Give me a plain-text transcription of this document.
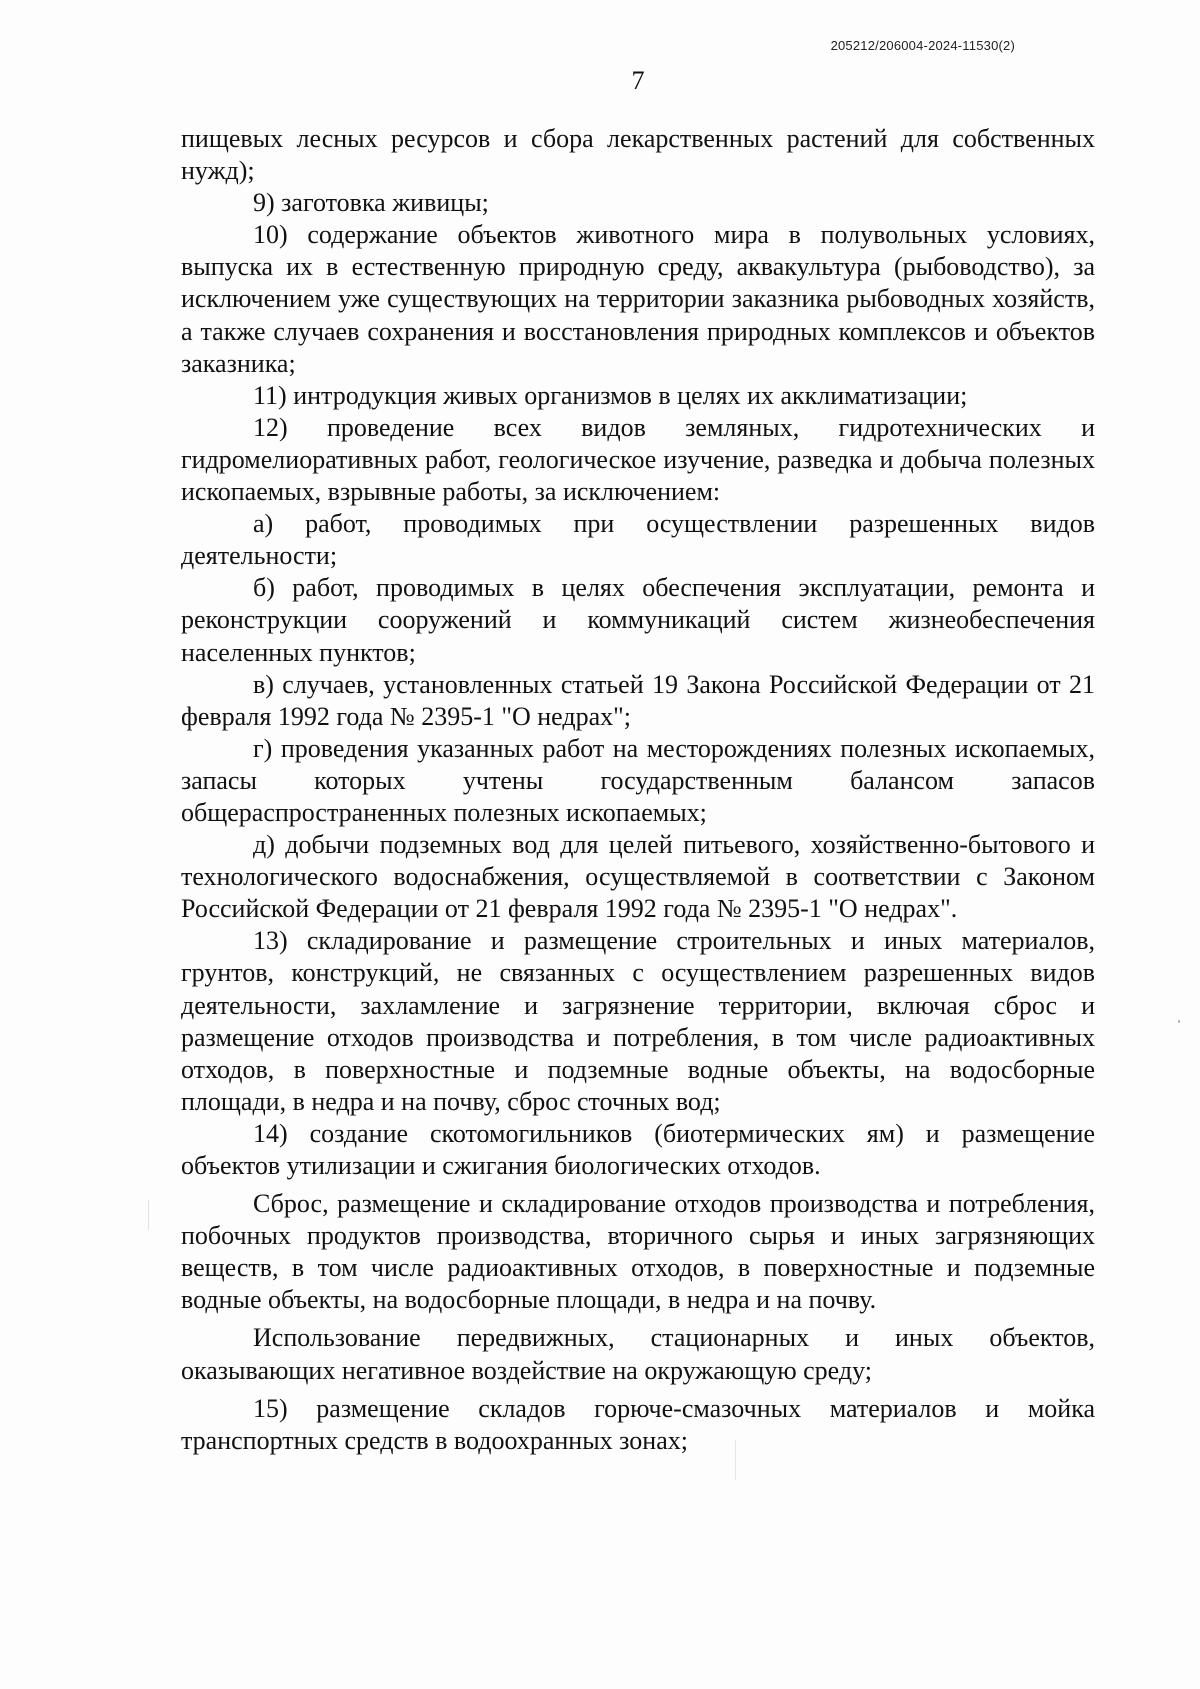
205212/206004-2024-11530(2)
7

пищевых лесных ресурсов и сбора лекарственных растений для собственных нужд);

9) заготовка живицы;

10) содержание объектов животного мира в полувольных условиях, выпуска их в естественную природную среду, аквакультура (рыбоводство), за исключением уже существующих на территории заказника рыбоводных хозяйств, а также случаев сохранения и восстановления природных комплексов и объектов заказника;

11) интродукция живых организмов в целях их акклиматизации;

12) проведение всех видов земляных, гидротехнических и гидромелиоративных работ, геологическое изучение, разведка и добыча полезных ископаемых, взрывные работы, за исключением:

а) работ, проводимых при осуществлении разрешенных видов деятельности;

б) работ, проводимых в целях обеспечения эксплуатации, ремонта и реконструкции сооружений и коммуникаций систем жизнеобеспечения населенных пунктов;

в) случаев, установленных статьей 19 Закона Российской Федерации от 21 февраля 1992 года № 2395-1 "О недрах";

г) проведения указанных работ на месторождениях полезных ископаемых, запасы которых учтены государственным балансом запасов общераспространенных полезных ископаемых;

д) добычи подземных вод для целей питьевого, хозяйственно-бытового и технологического водоснабжения, осуществляемой в соответствии с Законом Российской Федерации от 21 февраля 1992 года № 2395-1 "О недрах".

13) складирование и размещение строительных и иных материалов, грунтов, конструкций, не связанных с осуществлением разрешенных видов деятельности, захламление и загрязнение территории, включая сброс и размещение отходов производства и потребления, в том числе радиоактивных отходов, в поверхностные и подземные водные объекты, на водосборные площади, в недра и на почву, сброс сточных вод;

14) создание скотомогильников (биотермических ям) и размещение объектов утилизации и сжигания биологических отходов.

Сброс, размещение и складирование отходов производства и потребления, побочных продуктов производства, вторичного сырья и иных загрязняющих веществ, в том числе радиоактивных отходов, в поверхностные и подземные водные объекты, на водосборные площади, в недра и на почву.

Использование передвижных, стационарных и иных объектов, оказывающих негативное воздействие на окружающую среду;

15) размещение складов горюче-смазочных материалов и мойка транспортных средств в водоохранных зонах;
